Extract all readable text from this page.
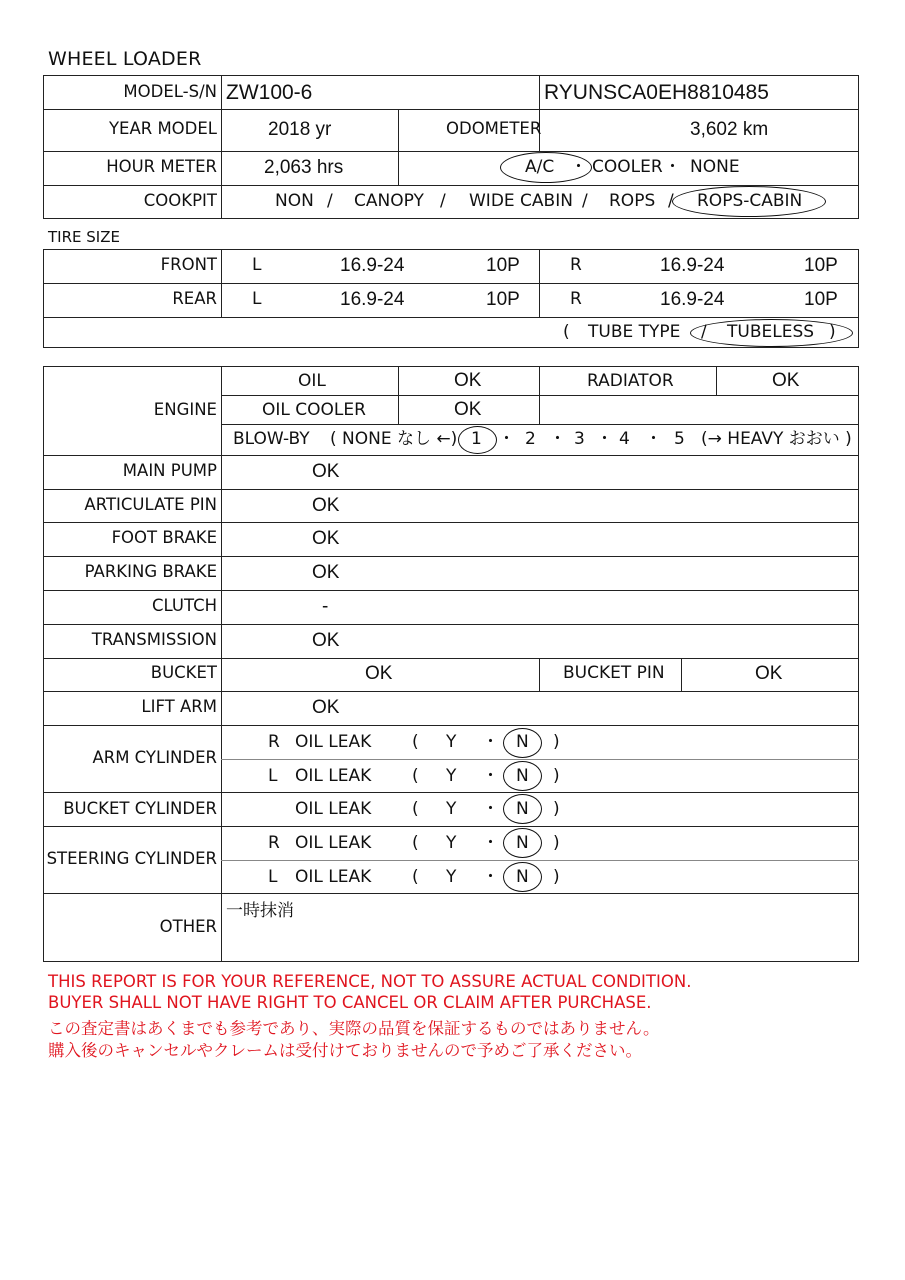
WHEEL LOADER
MODEL-S/N ZW100-6	RYUNSCA0EH8810485
YEAR MODEL	2018 yr	ODOMETER	3,602 km
HOUR METER 2,063 hrs	A/C ・ COOLER ・ NONE
COOKPIT	NON / CANOPY / WIDE CABIN / ROPS / ROPS-CABIN
TIRE SIZE
FRONT L	16.9-24	10P	R	16.9-24	10P
REAR L	16.9-24	10P	R	16.9-24	10P
( TUBE TYPE / TUBELESS )
ENGINE
OIL	OK	RADIATOR	OK
OIL COOLER	OK
BLOW-BY ( NONE なし ←) 1 ・ 2 ・ 3 ・ 4 ・ 5 (→ HEAVY おおい )
MAIN PUMP	OK
ARTICULATE PIN	OK
FOOT BRAKE	OK
PARKING BRAKE	OK
CLUTCH	-
TRANSMISSION	OK
BUCKET	OK	BUCKET PIN	OK
LIFT ARM	OK
ARM CYLINDER
R OIL LEAK ( Y ・ N )
L OIL LEAK ( Y ・ N )
BUCKET CYLINDER	OIL LEAK ( Y ・ N )
STEERING CYLINDER
R OIL LEAK ( Y ・ N )
L OIL LEAK ( Y ・ N )
OTHER
一時抹消
THIS REPORT IS FOR YOUR REFERENCE, NOT TO ASSURE ACTUAL CONDITION.
BUYER SHALL NOT HAVE RIGHT TO CANCEL OR CLAIM AFTER PURCHASE.
この査定書はあくまでも参考であり、実際の品質を保証するものではありません。
購入後のキャンセルやクレームは受付けておりませんので予めご了承ください。
